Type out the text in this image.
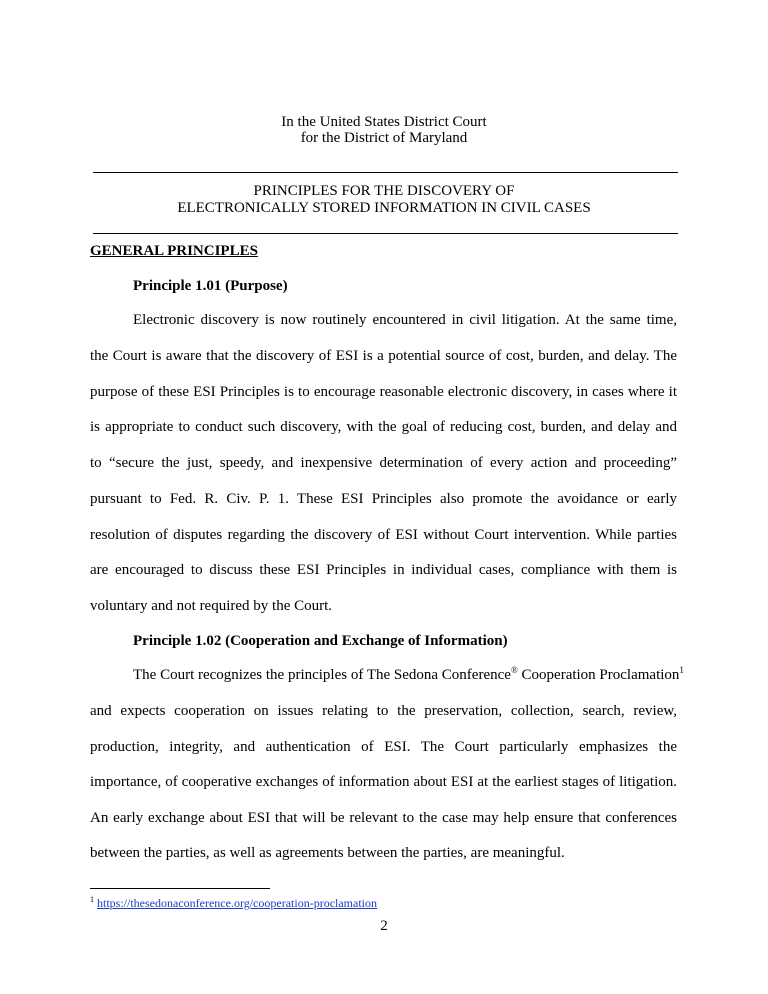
In the United States District Court
for the District of Maryland
PRINCIPLES FOR THE DISCOVERY OF
ELECTRONICALLY STORED INFORMATION IN CIVIL CASES
GENERAL PRINCIPLES
Principle 1.01 (Purpose)
Electronic discovery is now routinely encountered in civil litigation. At the same time,
the Court is aware that the discovery of ESI is a potential source of cost, burden, and delay. The
purpose of these ESI Principles is to encourage reasonable electronic discovery, in cases where it
is appropriate to conduct such discovery, with the goal of reducing cost, burden, and delay and
to “secure the just, speedy, and inexpensive determination of every action and proceeding”
pursuant to Fed. R. Civ. P. 1. These ESI Principles also promote the avoidance or early
resolution of disputes regarding the discovery of ESI without Court intervention. While parties
are encouraged to discuss these ESI Principles in individual cases, compliance with them is
voluntary and not required by the Court.
Principle 1.02 (Cooperation and Exchange of Information)
The Court recognizes the principles of The Sedona Conference® Cooperation Proclamation$^1$
and expects cooperation on issues relating to the preservation, collection, search, review,
production, integrity, and authentication of ESI. The Court particularly emphasizes the
importance, of cooperative exchanges of information about ESI at the earliest stages of litigation.
An early exchange about ESI that will be relevant to the case may help ensure that conferences
between the parties, as well as agreements between the parties, are meaningful.
$^1$ https://thesedonaconference.org/cooperation-proclamation
2
